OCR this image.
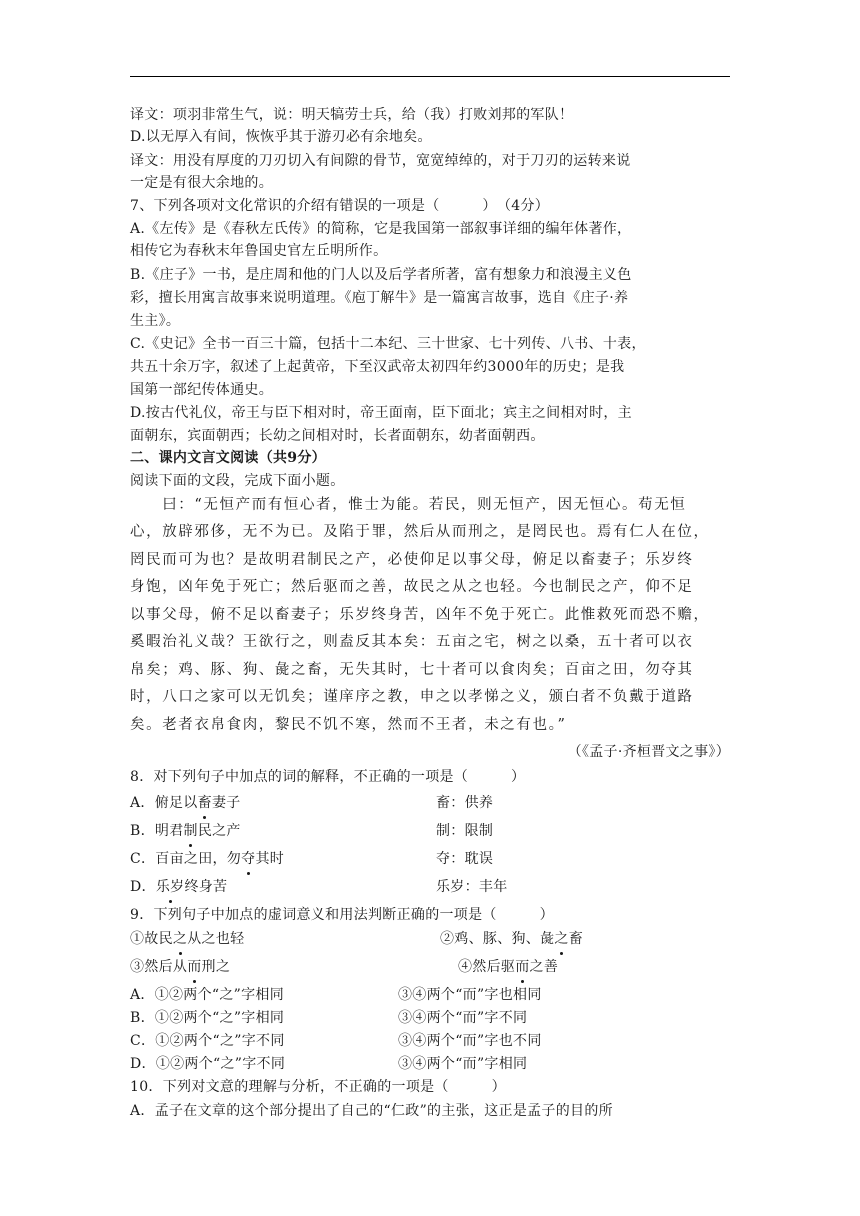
译文：项羽非常生气，说：明天犒劳士兵，给（我）打败刘邦的军队！
D.以无厚入有间，恢恢乎其于游刃必有余地矣。
译文：用没有厚度的刀刃切入有间隙的骨节，宽宽绰绰的，对于刀刃的运转来说
一定是有很大余地的。
7、下列各项对文化常识的介绍有错误的一项是（　　　）　（4分）
A.《左传》是《春秋左氏传》的简称，它是我国第一部叙事详细的编年体著作，
相传它为春秋末年鲁国史官左丘明所作。
B.《庄子》一书，是庄周和他的门人以及后学者所著，富有想象力和浪漫主义色
彩，擅长用寓言故事来说明道理。《庖丁解牛》是一篇寓言故事，选自《庄子·养
生主》。
C.《史记》全书一百三十篇，包括十二本纪、三十世家、七十列传、八书、十表，
共五十余万字，叙述了上起黄帝，下至汉武帝太初四年约3000年的历史；是我
国第一部纪传体通史。
D.按古代礼仪，帝王与臣下相对时，帝王面南，臣下面北；宾主之间相对时，主
面朝东，宾面朝西；长幼之间相对时，长者面朝东，幼者面朝西。
二、课内文言文阅读（共9分）
阅读下面的文段，完成下面小题。
　　曰：“无恒产而有恒心者，惟士为能。若民，则无恒产，因无恒心。苟无恒
心，放辟邪侈，无不为已。及陷于罪，然后从而刑之，是罔民也。焉有仁人在位，
罔民而可为也？是故明君制民之产，必使仰足以事父母，俯足以畜妻子；乐岁终
身饱，凶年免于死亡；然后驱而之善，故民之从之也轻。今也制民之产，仰不足
以事父母，俯不足以畜妻子；乐岁终身苦，凶年不免于死亡。此惟救死而恐不赡，
奚暇治礼义哉？王欲行之，则盍反其本矣：五亩之宅，树之以桑，五十者可以衣
帛矣；鸡、豚、狗、彘之畜，无失其时，七十者可以食肉矣；百亩之田，勿夺其
时，八口之家可以无饥矣；谨庠序之教，申之以孝悌之义，颁白者不负戴于道路
矣。老者衣帛食肉，黎民不饥不寒，然而不王者，未之有也。”
（《孟子·齐桓晋文之事》）
8．对下列句子中加点的词的解释，不正确的一项是（　　　）
A．俯足以畜妻子	畜：供养
B．明君制民之产	制：限制
C．百亩之田，勿夺其时	夺：耽误
D．乐岁终身苦	乐岁：丰年
9．下列句子中加点的虚词意义和用法判断正确的一项是（　　　）
①故民之从之也轻	②鸡、豚、狗、彘之畜
③然后从而刑之	④然后驱而之善
A．①②两个“之”字相同	③④两个“而”字也相同
B．①②两个“之”字相同	③④两个“而”字不同
C．①②两个“之”字不同	③④两个“而”字也不同
D．①②两个“之”字不同	③④两个“而”字相同
10．下列对文意的理解与分析，不正确的一项是（　　　）
A．孟子在文章的这个部分提出了自己的“仁政”的主张，这正是孟子的目的所
